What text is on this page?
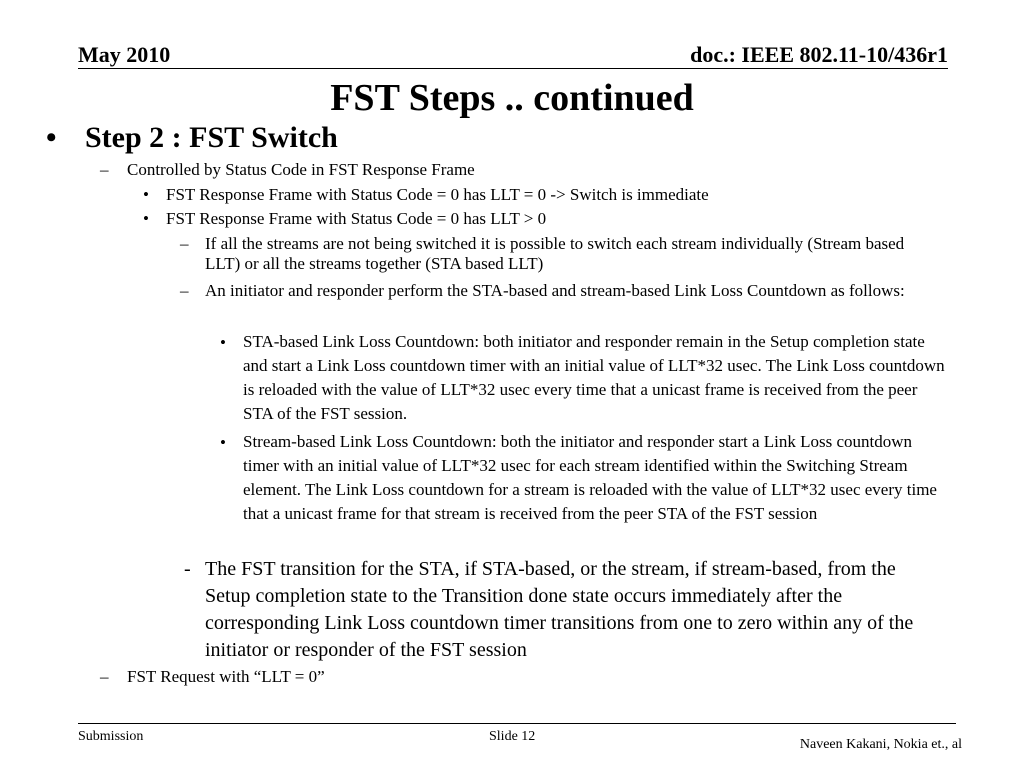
May 2010	doc.: IEEE 802.11-10/436r1
FST Steps .. continued
• Step 2 : FST Switch
– Controlled by Status Code in FST Response Frame
• FST Response Frame with Status Code = 0 has LLT = 0 -> Switch is immediate
• FST Response Frame with Status Code = 0 has LLT > 0
– If all the streams are not being switched it is possible to switch each stream individually (Stream based LLT) or all the streams together (STA based LLT)
– An initiator and responder perform the STA-based and stream-based Link Loss Countdown as follows:
• STA-based Link Loss Countdown: both initiator and responder remain in the Setup completion state and start a Link Loss countdown timer with an initial value of LLT*32 usec. The Link Loss countdown is reloaded with the value of LLT*32 usec every time that a unicast frame is received from the peer STA of the FST session.
• Stream-based Link Loss Countdown: both the initiator and responder start a Link Loss countdown timer with an initial value of LLT*32 usec for each stream identified within the Switching Stream element. The Link Loss countdown for a stream is reloaded with the value of LLT*32 usec every time that a unicast frame for that stream is received from the peer STA of the FST session
- The FST transition for the STA, if STA-based, or the stream, if stream-based, from the Setup completion state to the Transition done state occurs immediately after the corresponding Link Loss countdown timer transitions from one to zero within any of the initiator or responder of the FST session
– FST Request with “LLT = 0”
Submission	Slide 12
Naveen Kakani, Nokia et., al
